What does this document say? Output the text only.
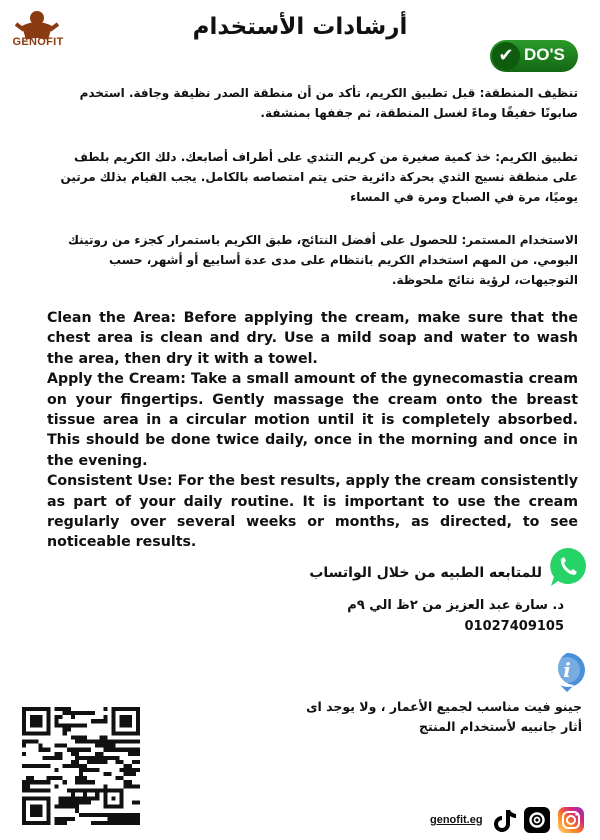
GENOFIT
أرشادات الأستخدام
✔ DO'S
تنظيف المنطقة: قبل تطبيق الكريم، تأكد من أن منطقة الصدر نظيفة وجافة. استخدم صابونًا خفيفًا وماءً لغسل المنطقة، ثم جففها بمنشفة.
تطبيق الكريم: خذ كمية صغيرة من كريم التثدي على أطراف أصابعك. دلك الكريم بلطف على منطقة نسيج الثدي بحركة دائرية حتى يتم امتصاصه بالكامل. يجب القيام بذلك مرتين يوميًا، مرة في الصباح ومرة في المساء
الاستخدام المستمر: للحصول على أفضل النتائج، طبق الكريم باستمرار كجزء من روتينك اليومي. من المهم استخدام الكريم بانتظام على مدى عدة أسابيع أو أشهر، حسب التوجيهات، لرؤية نتائج ملحوظة.

Clean the Area: Before applying the cream, make sure that the chest area is clean and dry. Use a mild soap and water to wash the area, then dry it with a towel.

Apply the Cream: Take a small amount of the gynecomastia cream on your fingertips. Gently massage the cream onto the breast tissue area in a circular motion until it is completely absorbed. This should be done twice daily, once in the morning and once in the evening.

Consistent Use: For the best results, apply the cream consistently as part of your daily routine. It is important to use the cream regularly over several weeks or months, as directed, to see noticeable results.

للمتابعه الطبيه من خلال الواتساب
د. سارة عبد العزيز من ٢ظ الي ٩م
01027409105
i
جينو فيت مناسب لجميع الأعمار ، ولا يوجد اى
أثار جانبيه لأستخدام المنتج
genofit.eg
